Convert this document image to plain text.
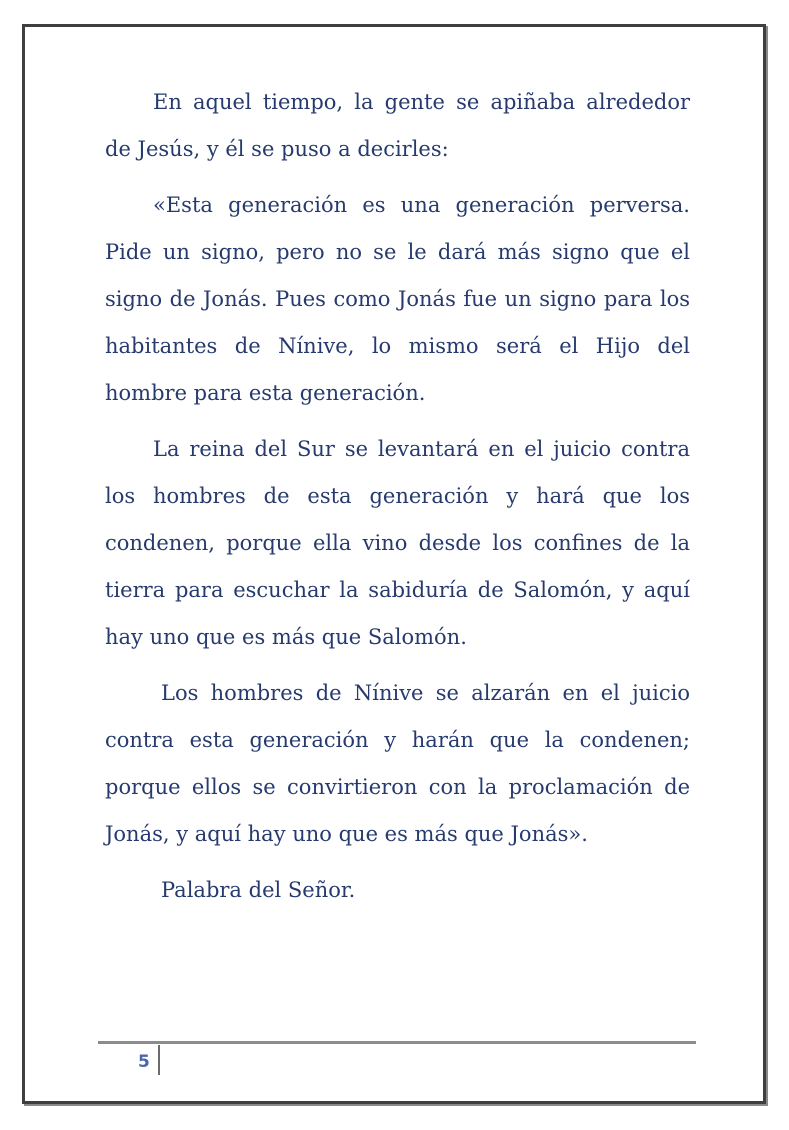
En aquel tiempo, la gente se apiñaba alrededor de Jesús, y él se puso a decirles:

«Esta generación es una generación perversa. Pide un signo, pero no se le dará más signo que el signo de Jonás. Pues como Jonás fue un signo para los habitantes de Nínive, lo mismo será el Hijo del hombre para esta generación.

La reina del Sur se levantará en el juicio contra los hombres de esta generación y hará que los condenen, porque ella vino desde los confines de la tierra para escuchar la sabiduría de Salomón, y aquí hay uno que es más que Salomón.

Los hombres de Nínive se alzarán en el juicio contra esta generación y harán que la condenen; porque ellos se convirtieron con la proclamación de Jonás, y aquí hay uno que es más que Jonás».

Palabra del Señor.

5
